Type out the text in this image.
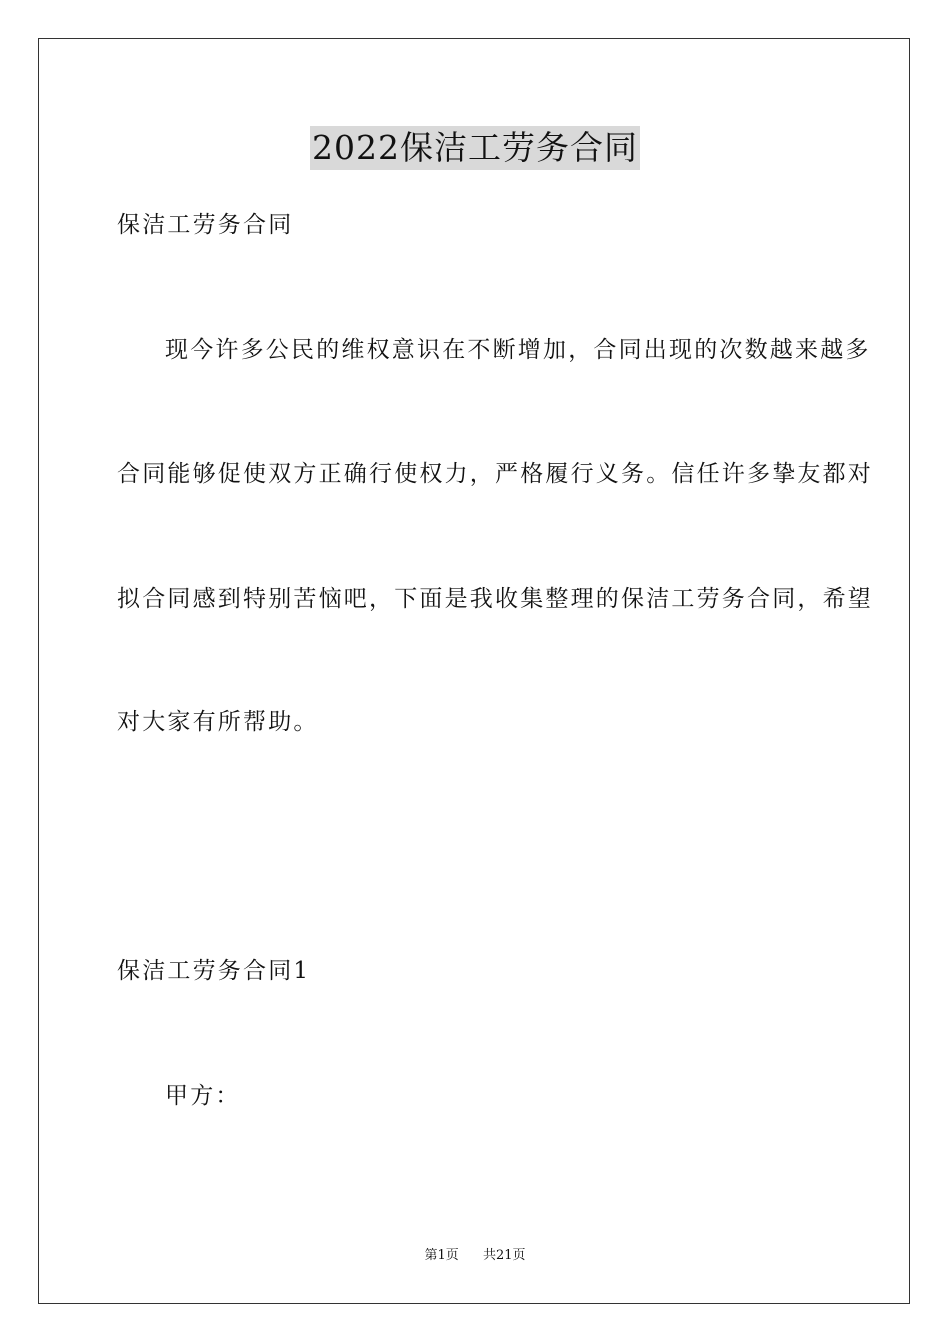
2022保洁工劳务合同
保洁工劳务合同
现今许多公民的维权意识在不断增加，合同出现的次数越来越多
合同能够促使双方正确行使权力，严格履行义务。信任许多挚友都对
拟合同感到特别苦恼吧，下面是我收集整理的保洁工劳务合同，希望
对大家有所帮助。
保洁工劳务合同1
甲方：
第1页 共21页
